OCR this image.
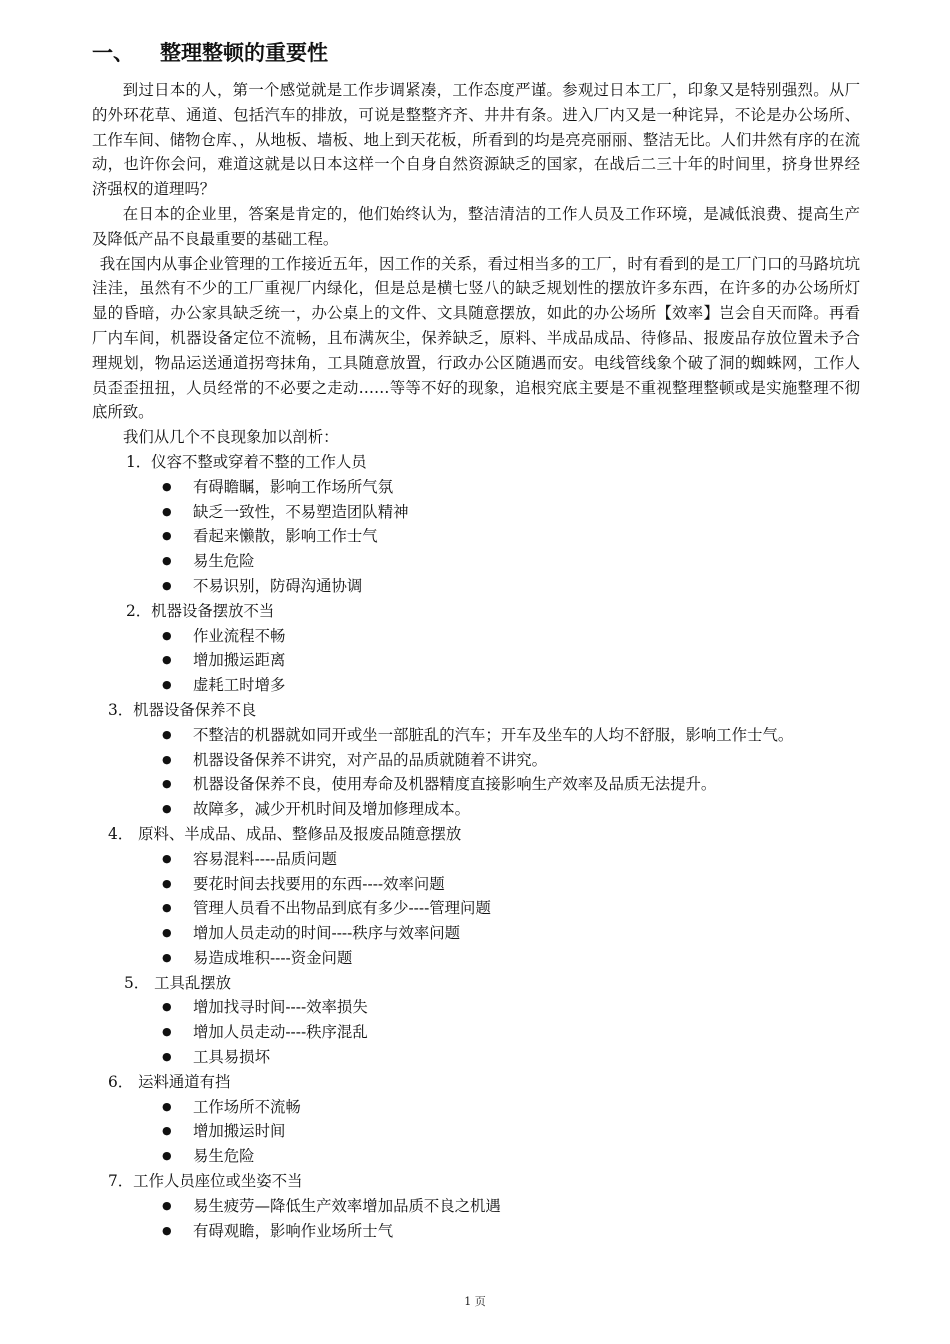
一、 整理整顿的重要性

到过日本的人，第一个感觉就是工作步调紧凑，工作态度严谨。参观过日本工厂，印象又是特别强烈。从厂的外环花草、通道、包括汽车的排放，可说是整整齐齐、井井有条。进入厂内又是一种诧异，不论是办公场所、工作车间、储物仓库、，从地板、墙板、地上到天花板，所看到的均是亮亮丽丽、整洁无比。人们井然有序的在流动，也许你会问，难道这就是以日本这样一个自身自然资源缺乏的国家，在战后二三十年的时间里，挤身世界经济强权的道理吗？

在日本的企业里，答案是肯定的，他们始终认为，整洁清洁的工作人员及工作环境，是减低浪费、提高生产及降低产品不良最重要的基础工程。

我在国内从事企业管理的工作接近五年，因工作的关系，看过相当多的工厂，时有看到的是工厂门口的马路坑坑洼洼，虽然有不少的工厂重视厂内绿化，但是总是横七竖八的缺乏规划性的摆放许多东西，在许多的办公场所灯显的昏暗，办公家具缺乏统一，办公桌上的文件、文具随意摆放，如此的办公场所【效率】岂会自天而降。再看厂内车间，机器设备定位不流畅，且布满灰尘，保养缺乏，原料、半成品成品、待修品、报废品存放位置未予合理规划，物品运送通道拐弯抹角，工具随意放置，行政办公区随遇而安。电线管线象个破了洞的蜘蛛网，工作人员歪歪扭扭，人员经常的不必要之走动……等等不好的现象，追根究底主要是不重视整理整顿或是实施整理不彻底所致。

我们从几个不良现象加以剖析：

1．仪容不整或穿着不整的工作人员

● 有碍瞻瞩，影响工作场所气氛
● 缺乏一致性，不易塑造团队精神
● 看起来懒散，影响工作士气
● 易生危险
● 不易识别，防碍沟通协调

2．机器设备摆放不当

● 作业流程不畅
● 增加搬运距离
● 虚耗工时增多

3．机器设备保养不良

● 不整洁的机器就如同开或坐一部脏乱的汽车；开车及坐车的人均不舒服，影响工作士气。
● 机器设备保养不讲究，对产品的品质就随着不讲究。
● 机器设备保养不良，使用寿命及机器精度直接影响生产效率及品质无法提升。
● 故障多，减少开机时间及增加修理成本。

4． 原料、半成品、成品、整修品及报废品随意摆放

● 容易混料----品质问题
● 要花时间去找要用的东西----效率问题
● 管理人员看不出物品到底有多少----管理问题
● 增加人员走动的时间----秩序与效率问题
● 易造成堆积----资金问题

5． 工具乱摆放

● 增加找寻时间----效率损失
● 增加人员走动----秩序混乱
● 工具易损坏

6． 运料通道有挡

● 工作场所不流畅
● 增加搬运时间
● 易生危险

7．工作人员座位或坐姿不当

● 易生疲劳—降低生产效率增加品质不良之机遇
● 有碍观瞻，影响作业场所士气
1 页
